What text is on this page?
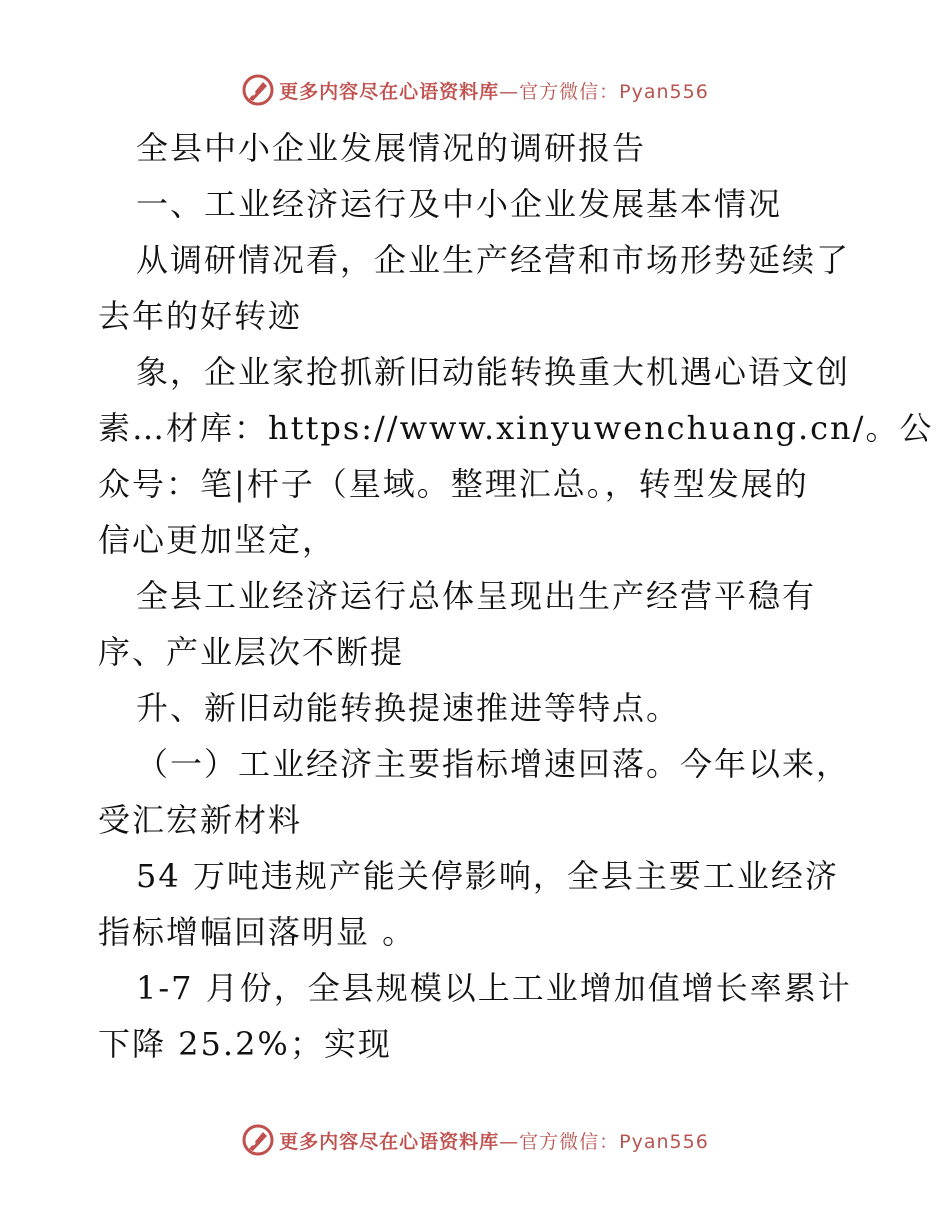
更多内容尽在心语资料库 —官方微信：Pyan556
全县中小企业发展情况的调研报告
一、工业经济运行及中小企业发展基本情况
从调研情况看，企业生产经营和市场形势延续了
去年的好转迹
象，企业家抢抓新旧动能转换重大机遇心语文创
素…材库：https://www.xinyuwenchuang.cn/。公
众号：笔|杆子（星域。整理汇总。，转型发展的
信心更加坚定，
全县工业经济运行总体呈现出生产经营平稳有
序、产业层次不断提
升、新旧动能转换提速推进等特点。
（一）工业经济主要指标增速回落。今年以来，
受汇宏新材料
54 万吨违规产能关停影响，全县主要工业经济
指标增幅回落明显 。
1-7 月份，全县规模以上工业增加值增长率累计
下降 25.2%；实现
更多内容尽在心语资料库 —官方微信：Pyan556
